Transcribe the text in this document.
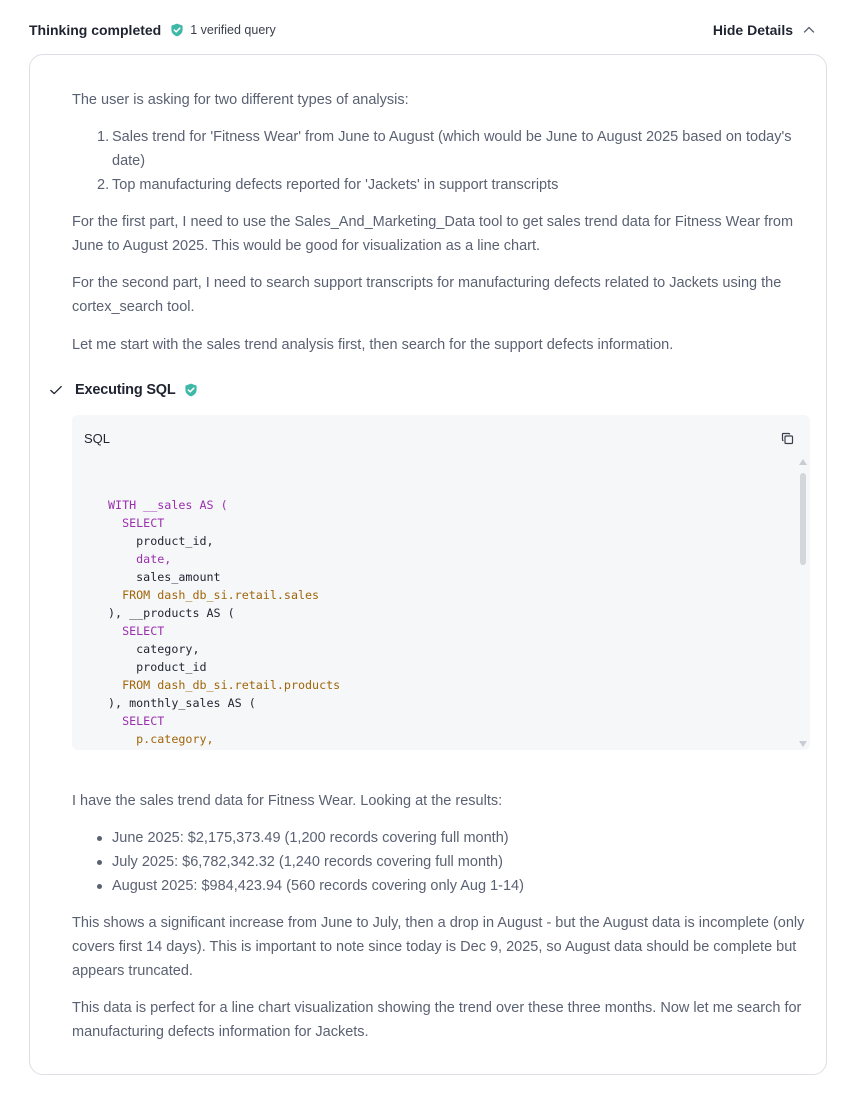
Thinking completed 1 verified query	Hide Details

The user is asking for two different types of analysis:

1. Sales trend for 'Fitness Wear' from June to August (which would be June to August 2025 based on today's date)
2. Top manufacturing defects reported for 'Jackets' in support transcripts

For the first part, I need to use the Sales_And_Marketing_Data tool to get sales trend data for Fitness Wear from June to August 2025. This would be good for visualization as a line chart.

For the second part, I need to search support transcripts for manufacturing defects related to Jackets using the cortex_search tool.

Let me start with the sales trend analysis first, then search for the support defects information.

Executing SQL
SQL
WITH __sales AS (
SELECT
product_id,
date,
sales_amount
FROM dash_db_si.retail.sales
), __products AS (
SELECT
category,
product_id
FROM dash_db_si.retail.products
), monthly_sales AS (
SELECT
p.category,

I have the sales trend data for Fitness Wear. Looking at the results:

June 2025: $2,175,373.49 (1,200 records covering full month)
July 2025: $6,782,342.32 (1,240 records covering full month)
August 2025: $984,423.94 (560 records covering only Aug 1-14)

This shows a significant increase from June to July, then a drop in August - but the August data is incomplete (only covers first 14 days). This is important to note since today is Dec 9, 2025, so August data should be complete but appears truncated.

This data is perfect for a line chart visualization showing the trend over these three months. Now let me search for manufacturing defects information for Jackets.
